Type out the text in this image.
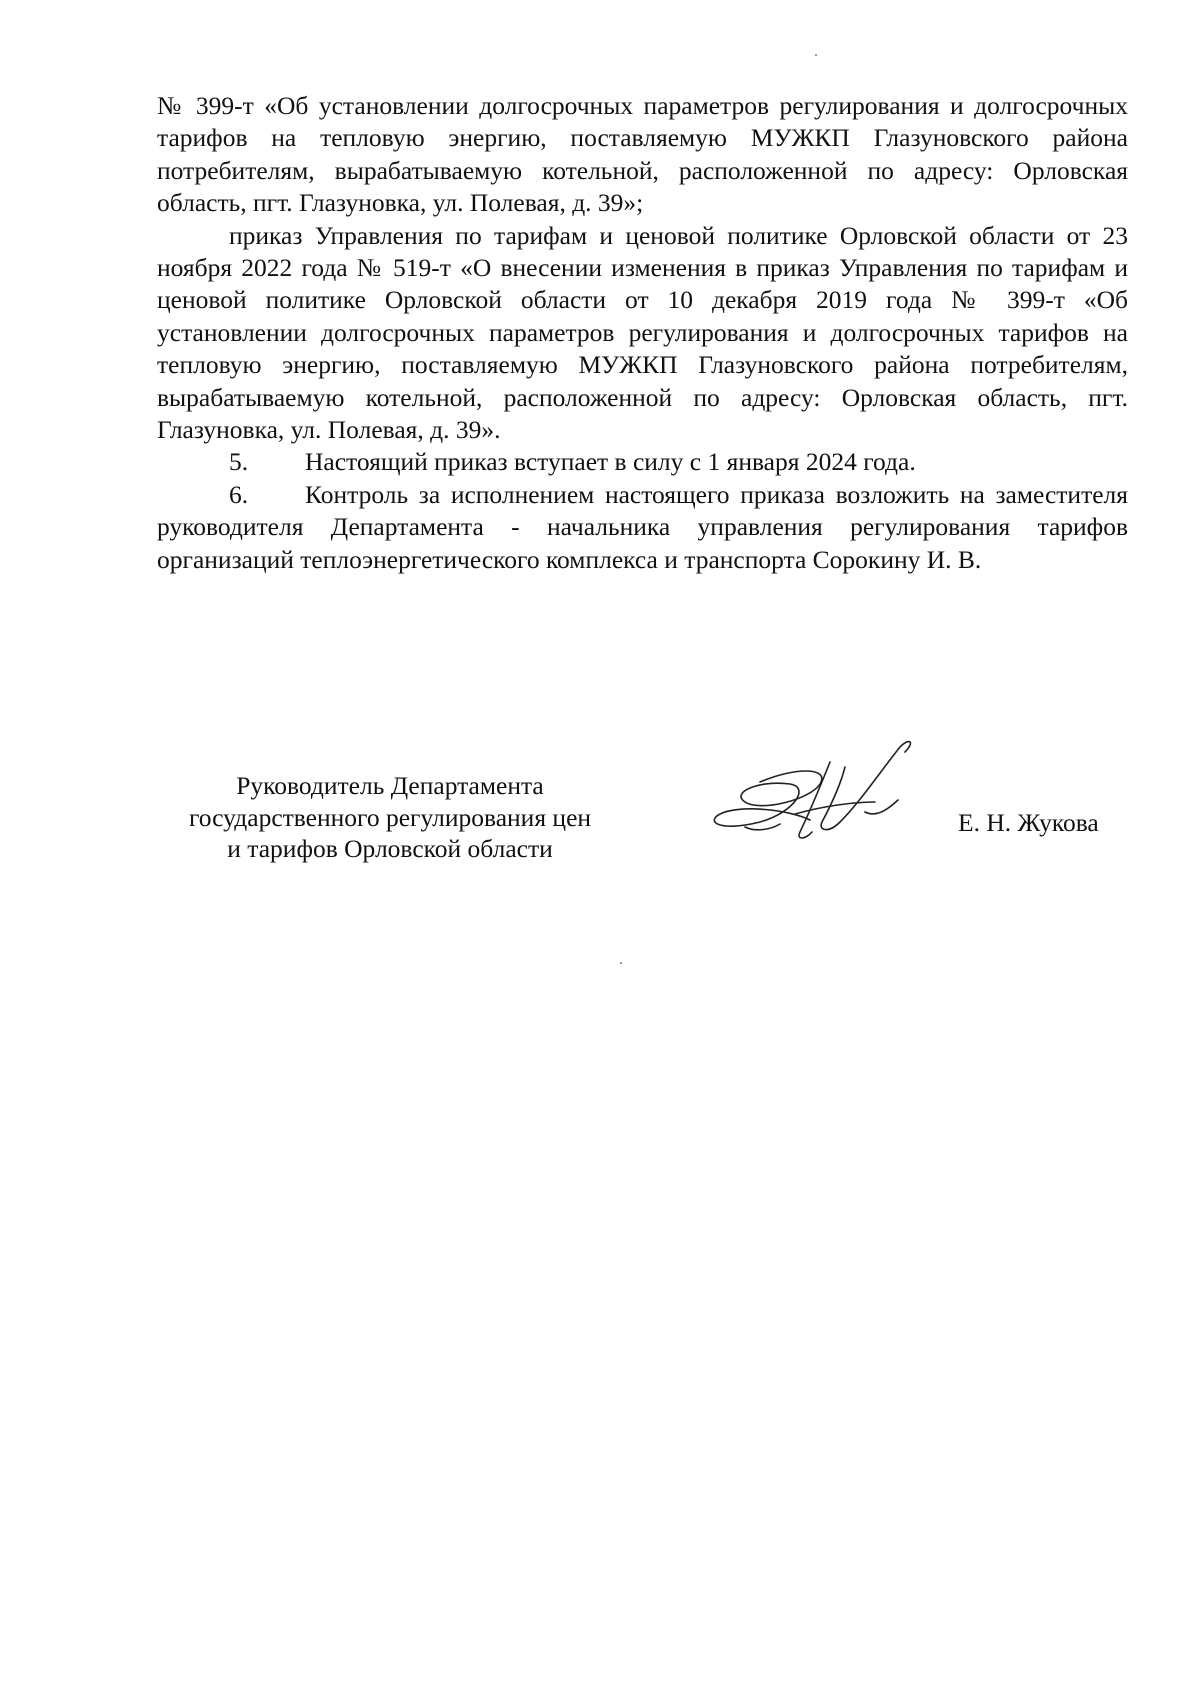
№ 399-т «Об установлении долгосрочных параметров регулирования и долгосрочных тарифов на тепловую энергию, поставляемую МУЖКП Глазуновского района потребителям, вырабатываемую котельной, расположенной по адресу: Орловская область, пгт. Глазуновка, ул. Полевая, д. 39»;

приказ Управления по тарифам и ценовой политике Орловской области от 23 ноября 2022 года № 519-т «О внесении изменения в приказ Управления по тарифам и ценовой политике Орловской области от 10 декабря 2019 года № 399-т «Об установлении долгосрочных параметров регулирования и долгосрочных тарифов на тепловую энергию, поставляемую МУЖКП Глазуновского района потребителям, вырабатываемую котельной, расположенной по адресу: Орловская область, пгт. Глазуновка, ул. Полевая, д. 39».

5. Настоящий приказ вступает в силу с 1 января 2024 года.

6. Контроль за исполнением настоящего приказа возложить на заместителя руководителя Департамента - начальника управления регулирования тарифов организаций теплоэнергетического комплекса и транспорта Сорокину И. В.

Руководитель Департамента
государственного регулирования цен
и тарифов Орловской области
Е. Н. Жукова
